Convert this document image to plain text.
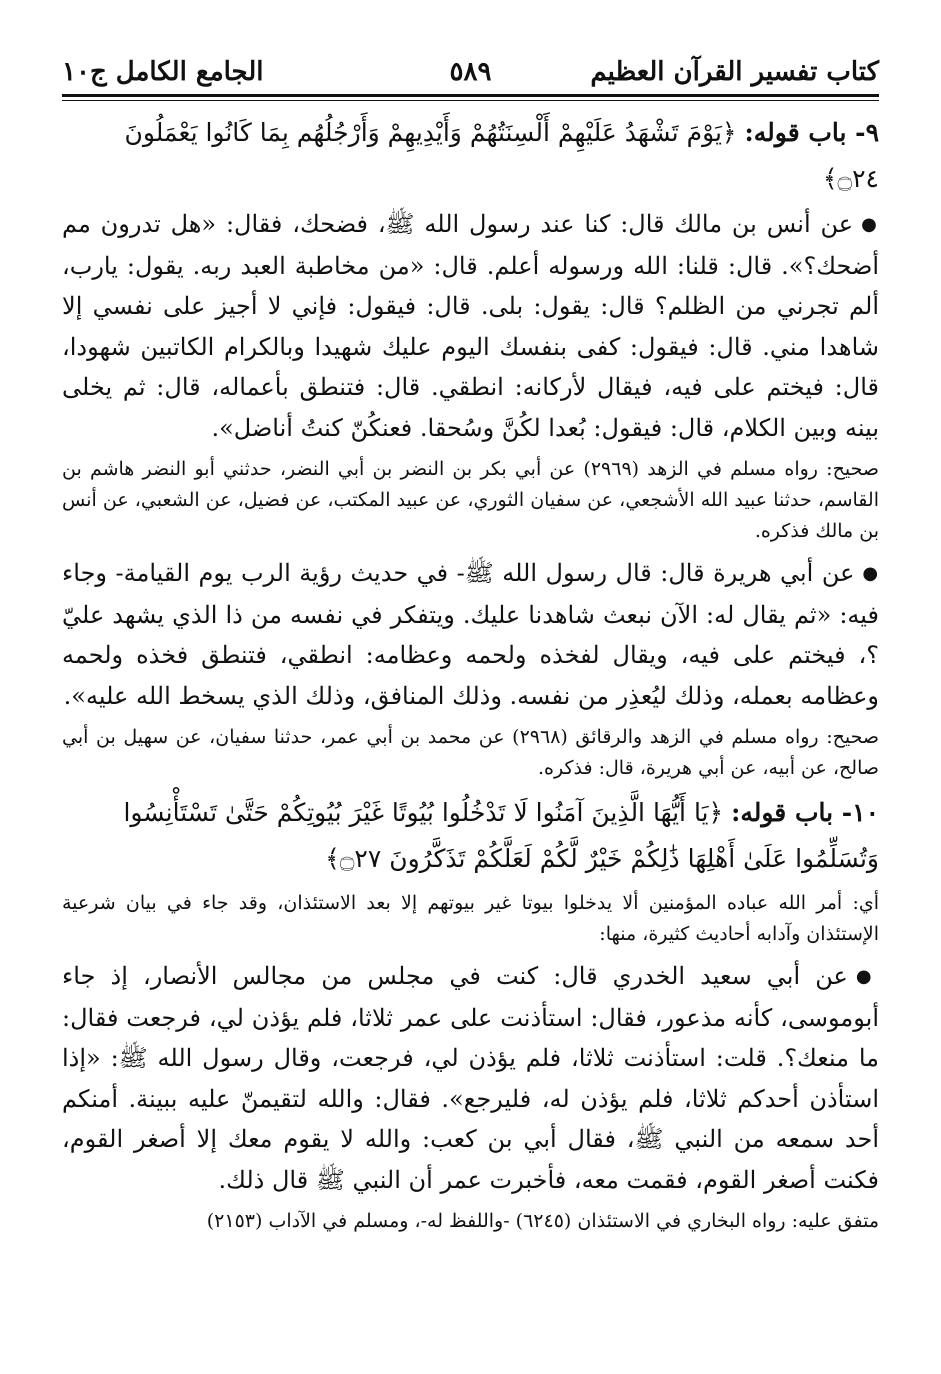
كتاب تفسير القرآن العظيم
٥٨٩
الجامع الكامل ج١٠

٩- باب قوله: ﴿يَوْمَ تَشْهَدُ عَلَيْهِمْ أَلْسِنَتُهُمْ وَأَيْدِيهِمْ وَأَرْجُلُهُم بِمَا كَانُوا يَعْمَلُونَ ۝٢٤﴾

●عن أنس بن مالك قال: كنا عند رسول الله ﷺ، فضحك، فقال: «هل تدرون مم أضحك؟». قال: قلنا: الله ورسوله أعلم. قال: «من مخاطبة العبد ربه. يقول: يارب، ألم تجرني من الظلم؟ قال: يقول: بلى. قال: فيقول: فإني لا أجيز على نفسي إلا شاهدا مني. قال: فيقول: كفى بنفسك اليوم عليك شهيدا وبالكرام الكاتبين شهودا، قال: فيختم على فيه، فيقال لأركانه: انطقي. قال: فتنطق بأعماله، قال: ثم يخلى بينه وبين الكلام، قال: فيقول: بُعدا لكُنَّ وسُحقا. فعنكُنّ كنتُ أناضل».

صحيح: رواه مسلم في الزهد (٢٩٦٩) عن أبي بكر بن النضر بن أبي النضر، حدثني أبو النضر هاشم بن القاسم، حدثنا عبيد الله الأشجعي، عن سفيان الثوري، عن عبيد المكتب، عن فضيل، عن الشعبي، عن أنس بن مالك فذكره.

●عن أبي هريرة قال: قال رسول الله ﷺ- في حديث رؤية الرب يوم القيامة- وجاء فيه: «ثم يقال له: الآن نبعث شاهدنا عليك. ويتفكر في نفسه من ذا الذي يشهد عليّ ؟، فيختم على فيه، ويقال لفخذه ولحمه وعظامه: انطقي، فتنطق فخذه ولحمه وعظامه بعمله، وذلك ليُعذِر من نفسه. وذلك المنافق، وذلك الذي يسخط الله عليه».

صحيح: رواه مسلم في الزهد والرقائق (٢٩٦٨) عن محمد بن أبي عمر، حدثنا سفيان، عن سهيل بن أبي صالح، عن أبيه، عن أبي هريرة، قال: فذكره.

١٠- باب قوله: ﴿يَا أَيُّهَا الَّذِينَ آمَنُوا لَا تَدْخُلُوا بُيُوتًا غَيْرَ بُيُوتِكُمْ حَتَّىٰ تَسْتَأْنِسُوا وَتُسَلِّمُوا عَلَىٰ أَهْلِهَا ذَٰلِكُمْ خَيْرٌ لَّكُمْ لَعَلَّكُمْ تَذَكَّرُونَ ۝٢٧﴾

أي: أمر الله عباده المؤمنين ألا يدخلوا بيوتا غير بيوتهم إلا بعد الاستئذان، وقد جاء في بيان شرعية الإستئذان وآدابه أحاديث كثيرة، منها:

●عن أبي سعيد الخدري قال: كنت في مجلس من مجالس الأنصار، إذ جاء أبوموسى، كأنه مذعور، فقال: استأذنت على عمر ثلاثا، فلم يؤذن لي، فرجعت فقال: ما منعك؟. قلت: استأذنت ثلاثا، فلم يؤذن لي، فرجعت، وقال رسول الله ﷺ: «إذا استأذن أحدكم ثلاثا، فلم يؤذن له، فليرجع». فقال: والله لتقيمنّ عليه ببينة. أمنكم أحد سمعه من النبي ﷺ، فقال أبي بن كعب: والله لا يقوم معك إلا أصغر القوم، فكنت أصغر القوم، فقمت معه، فأخبرت عمر أن النبي ﷺ قال ذلك.

متفق عليه: رواه البخاري في الاستئذان (٦٢٤٥) -واللفظ له-، ومسلم في الآداب (٢١٥٣)
